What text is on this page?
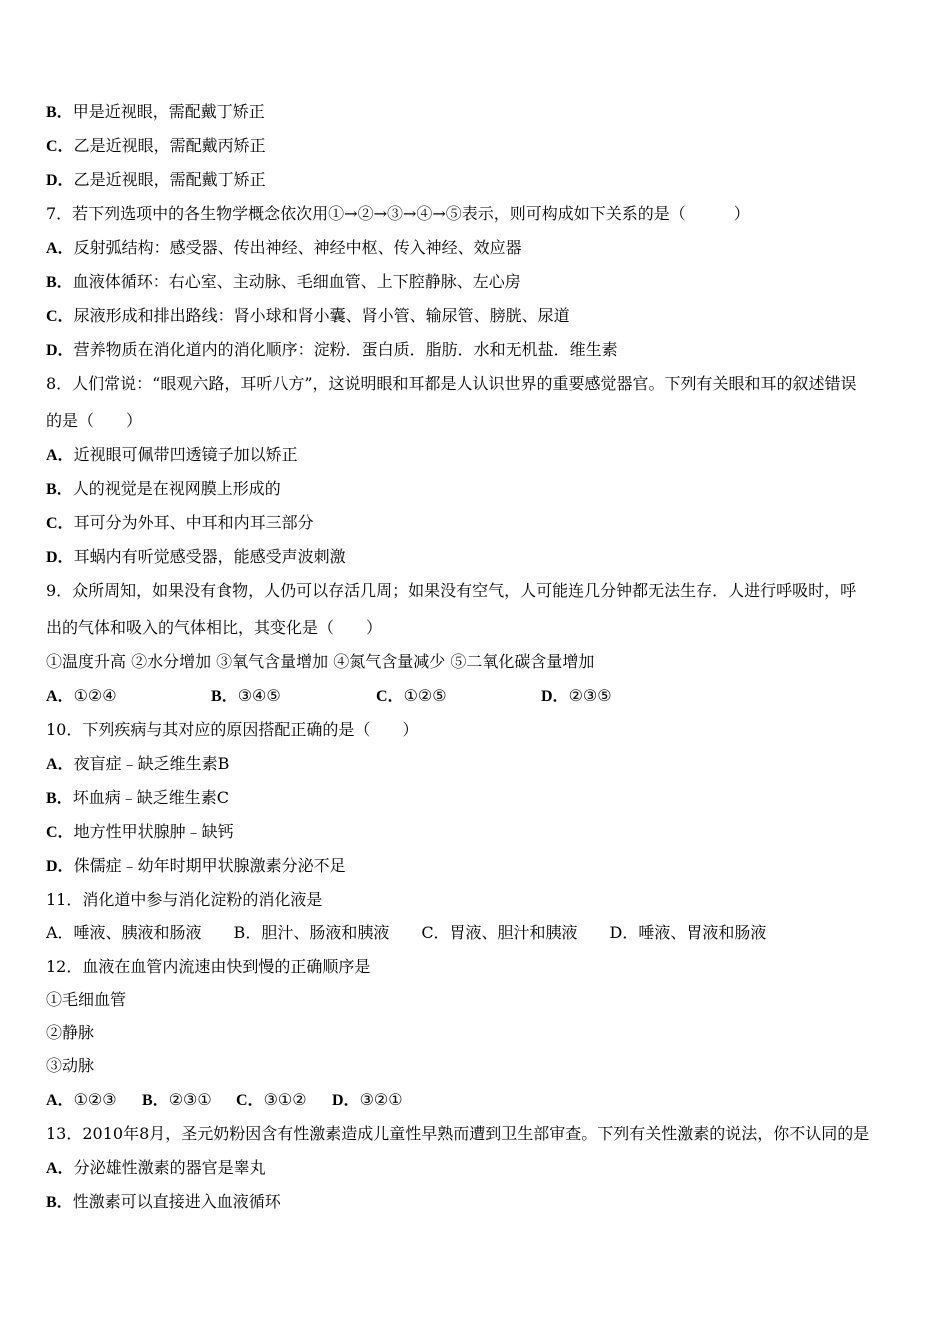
B．甲是近视眼，需配戴丁矫正
C．乙是近视眼，需配戴丙矫正
D．乙是近视眼，需配戴丁矫正
7．若下列选项中的各生物学概念依次用①→②→③→④→⑤表示，则可构成如下关系的是（　　　）
A．反射弧结构：感受器、传出神经、神经中枢、传入神经、效应器
B．血液体循环：右心室、主动脉、毛细血管、上下腔静脉、左心房
C．尿液形成和排出路线：肾小球和肾小囊、肾小管、输尿管、膀胱、尿道
D．营养物质在消化道内的消化顺序：淀粉．蛋白质．脂肪．水和无机盐．维生素
8．人们常说：“眼观六路，耳听八方”，这说明眼和耳都是人认识世界的重要感觉器官。下列有关眼和耳的叙述错误
的是（　　）
A．近视眼可佩带凹透镜子加以矫正
B．人的视觉是在视网膜上形成的
C．耳可分为外耳、中耳和内耳三部分
D．耳蜗内有听觉感受器，能感受声波刺激
9．众所周知，如果没有食物，人仍可以存活几周；如果没有空气，人可能连几分钟都无法生存．人进行呼吸时，呼
出的气体和吸入的气体相比，其变化是（　　）
①温度升高 ②水分增加 ③氧气含量增加 ④氮气含量减少 ⑤二氧化碳含量增加
A．①②④	B．③④⑤	C．①②⑤	D．②③⑤
10．下列疾病与其对应的原因搭配正确的是（　　）
A．夜盲症﹣缺乏维生素B
B．坏血病﹣缺乏维生素C
C．地方性甲状腺肿﹣缺钙
D．侏儒症﹣幼年时期甲状腺激素分泌不足
11．消化道中参与消化淀粉的消化液是
A．唾液、胰液和肠液　　B．胆汁、肠液和胰液　　C．胃液、胆汁和胰液　　D．唾液、胃液和肠液
12．血液在血管内流速由快到慢的正确顺序是
①毛细血管
②静脉
③动脉
A．①②③ B．②③① C．③①② D．③②①
13．2010年8月，圣元奶粉因含有性激素造成儿童性早熟而遭到卫生部审查。下列有关性激素的说法，你不认同的是
A．分泌雄性激素的器官是睾丸
B．性激素可以直接进入血液循环
